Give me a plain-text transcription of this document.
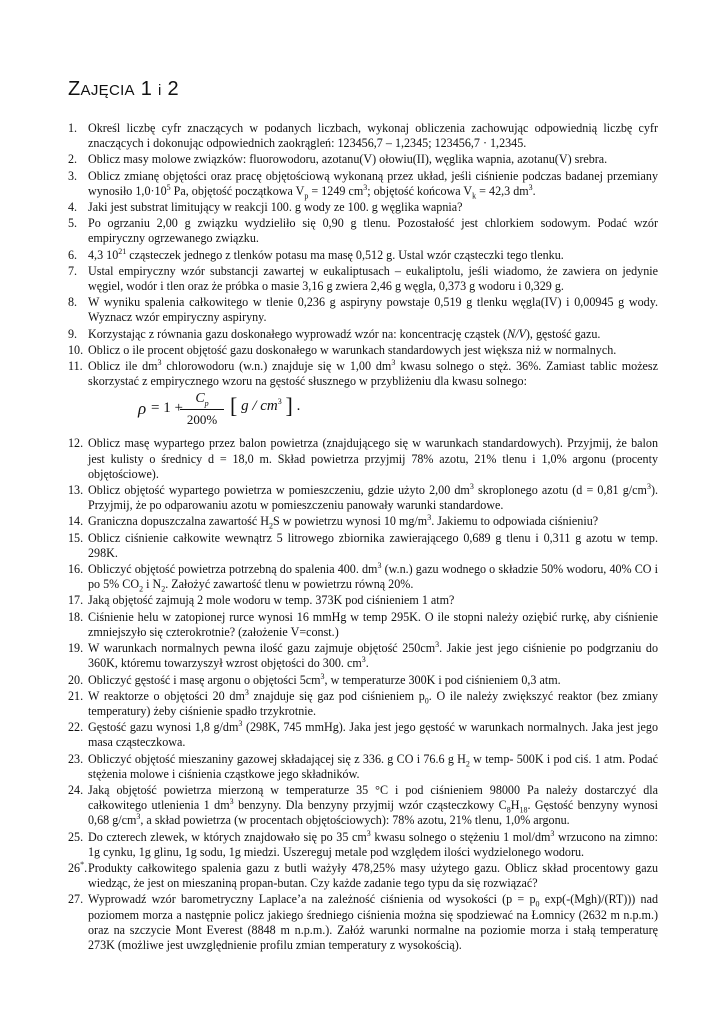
ZAJĘCIA 1 i 2
1. Określ liczbę cyfr znaczących w podanych liczbach, wykonaj obliczenia zachowując odpowiednią liczbę cyfr znaczących i dokonując odpowiednich zaokrągleń: 123456,7 – 1,2345; 123456,7 · 1,2345.
2. Oblicz masy molowe związków: fluorowodoru, azotanu(V) ołowiu(II), węglika wapnia, azotanu(V) srebra.
3. Oblicz zmianę objętości oraz pracę objętościową wykonaną przez układ, jeśli ciśnienie podczas badanej przemiany wynosiło $1,0\cdot 10^5$ Pa, objętość początkowa $V_p = 1249$ $cm^3$; objętość końcowa $V_k = 42,3$ $dm^3$.
4. Jaki jest substrat limitujący w reakcji 100. g wody ze 100. g węglika wapnia?
5. Po ogrzaniu 2,00 g związku wydzieliło się 0,90 g tlenu. Pozostałość jest chlorkiem sodowym. Podać wzór empiryczny ogrzewanego związku.
6. 4,3 $10^{21}$ cząsteczek jednego z tlenków potasu ma masę 0,512 g. Ustal wzór cząsteczki tego tlenku.
7. Ustal empiryczny wzór substancji zawartej w eukaliptusach – eukaliptolu, jeśli wiadomo, że zawiera on jedynie węgiel, wodór i tlen oraz że próbka o masie 3,16 g zwiera 2,46 g węgla, 0,373 g wodoru i 0,329 g.
8. W wyniku spalenia całkowitego w tlenie 0,236 g aspiryny powstaje 0,519 g tlenku węgla(IV) i 0,00945 g wody. Wyznacz wzór empiryczny aspiryny.
9. Korzystając z równania gazu doskonałego wyprowadź wzór na: koncentrację cząstek (N/V), gęstość gazu.
10. Oblicz o ile procent objętość gazu doskonałego w warunkach standardowych jest większa niż w normalnych.
11. Oblicz ile $dm^3$ chlorowodoru (w.n.) znajduje się w 1,00 $dm^3$ kwasu solnego o stęż. 36%. Zamiast tablic możesz skorzystać z empirycznego wzoru na gęstość słusznego w przybliżeniu dla kwasu solnego:
ρ = 1 +
$\frac{C_p}{200\%}$ [ g / $cm^3$ ] .
12. Oblicz masę wypartego przez balon powietrza (znajdującego się w warunkach standardowych). Przyjmij, że balon jest kulisty o średnicy d = 18,0 m. Skład powietrza przyjmij 78% azotu, 21% tlenu i 1,0% argonu (procenty objętościowe).
13. Oblicz objętość wypartego powietrza w pomieszczeniu, gdzie użyto 2,00 $dm^3$ skroplonego azotu (d = 0,81 $g/cm^3$). Przyjmij, że po odparowaniu azotu w pomieszczeniu panowały warunki standardowe.
14. Graniczna dopuszczalna zawartość $H_2S$ w powietrzu wynosi 10 $mg/m^3$. Jakiemu to odpowiada ciśnieniu?
15. Oblicz ciśnienie całkowite wewnątrz 5 litrowego zbiornika zawierającego 0,689 g tlenu i 0,311 g azotu w temp. 298K.
16. Obliczyć objętość powietrza potrzebną do spalenia 400. $dm^3$ (w.n.) gazu wodnego o składzie 50% wodoru, 40% CO i po 5% $CO_2$ i $N_2$. Założyć zawartość tlenu w powietrzu równą 20%.
17. Jaką objętość zajmują 2 mole wodoru w temp. 373K pod ciśnieniem 1 atm?
18. Ciśnienie helu w zatopionej rurce wynosi 16 mmHg w temp 295K. O ile stopni należy oziębić rurkę, aby ciśnienie zmniejszyło się czterokrotnie? (założenie V=const.)
19. W warunkach normalnych pewna ilość gazu zajmuje objętość $250cm^3$. Jakie jest jego ciśnienie po podgrzaniu do 360K, któremu towarzyszył wzrost objętości do 300. $cm^3$.
20. Obliczyć gęstość i masę argonu o objętości $5cm^3$, w temperaturze 300K i pod ciśnieniem 0,3 atm.
21. W reaktorze o objętości 20 $dm^3$ znajduje się gaz pod ciśnieniem $p_0$. O ile należy zwiększyć reaktor (bez zmiany temperatury) żeby ciśnienie spadło trzykrotnie.
22. Gęstość gazu wynosi 1,8 $g/dm^3$ (298K, 745 mmHg). Jaka jest jego gęstość w warunkach normalnych. Jaka jest jego masa cząsteczkowa.
23. Obliczyć objętość mieszaniny gazowej składającej się z 336. g CO i 76.6 g $H_2$ w temp- 500K i pod ciś. 1 atm. Podać stężenia molowe i ciśnienia cząstkowe jego składników.
24. Jaką objętość powietrza mierzoną w temperaturze 35 °C i pod ciśnieniem 98000 Pa należy dostarczyć dla całkowitego utlenienia 1 $dm^3$ benzyny. Dla benzyny przyjmij wzór cząsteczkowy $C_8H_{18}$. Gęstość benzyny wynosi 0,68 $g/cm^3$, a skład powietrza (w procentach objętościowych): 78% azotu, 21% tlenu, 1,0% argonu.
25. Do czterech zlewek, w których znajdowało się po 35 $cm^3$ kwasu solnego o stężeniu 1 mol/$dm^3$ wrzucono na zimno: 1g cynku, 1g glinu, 1g sodu, 1g miedzi. Uszereguj metale pod względem ilości wydzielonego wodoru.
26*. Produkty całkowitego spalenia gazu z butli ważyły 478,25% masy użytego gazu. Oblicz skład procentowy gazu wiedząc, że jest on mieszaniną propan-butan. Czy każde zadanie tego typu da się rozwiązać?
27. Wyprowadź wzór barometryczny Laplace’a na zależność ciśnienia od wysokości ($p = p_0$ exp(-(Mgh)/(RT))) nad poziomem morza a następnie policz jakiego średniego ciśnienia można się spodziewać na Łomnicy (2632 m n.p.m.) oraz na szczycie Mont Everest (8848 m n.p.m.). Załóż warunki normalne na poziomie morza i stałą temperaturę 273K (możliwe jest uwzględnienie profilu zmian temperatury z wysokością).
